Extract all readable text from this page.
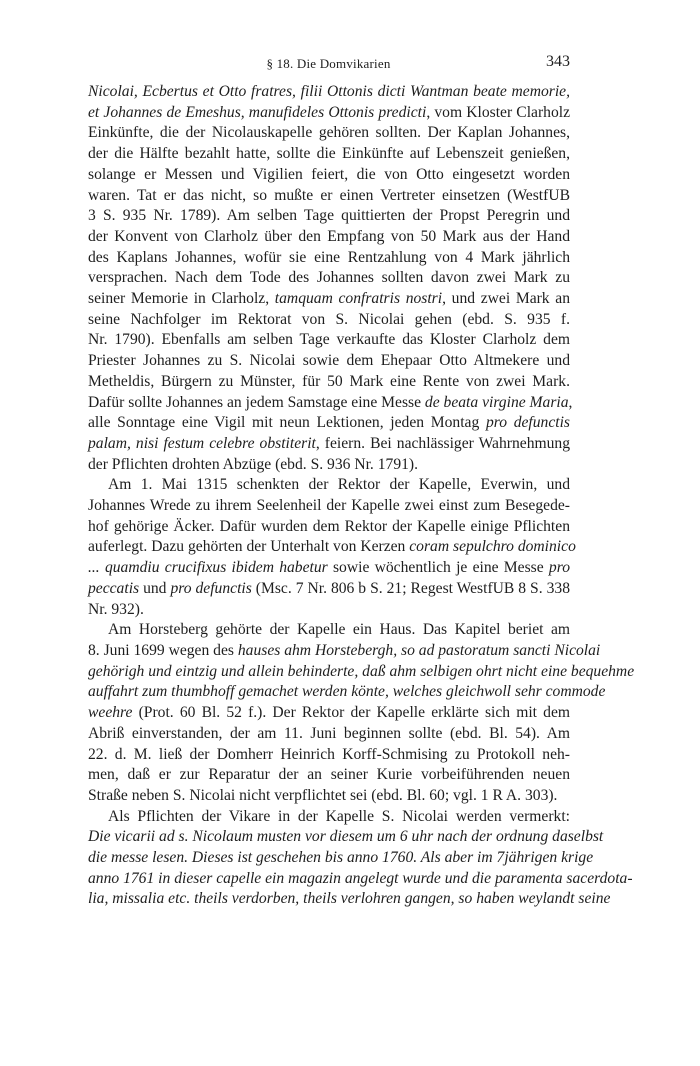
§ 18. Die Domvikarien	343
Nicolai, Ecbertus et Otto fratres, filii Ottonis dicti Wantman beate memorie,
et Johannes de Emeshus, manufideles Ottonis predicti, vom Kloster Clarholz
Einkünfte, die der Nicolauskapelle gehören sollten. Der Kaplan Johannes,
der die Hälfte bezahlt hatte, sollte die Einkünfte auf Lebenszeit genießen,
solange er Messen und Vigilien feiert, die von Otto eingesetzt worden
waren. Tat er das nicht, so mußte er einen Vertreter einsetzen (WestfUB
3 S. 935 Nr. 1789). Am selben Tage quittierten der Propst Peregrin und
der Konvent von Clarholz über den Empfang von 50 Mark aus der Hand
des Kaplans Johannes, wofür sie eine Rentzahlung von 4 Mark jährlich
versprachen. Nach dem Tode des Johannes sollten davon zwei Mark zu
seiner Memorie in Clarholz, tamquam confratris nostri, und zwei Mark an
seine Nachfolger im Rektorat von S. Nicolai gehen (ebd. S. 935 f.
Nr. 1790). Ebenfalls am selben Tage verkaufte das Kloster Clarholz dem
Priester Johannes zu S. Nicolai sowie dem Ehepaar Otto Altmekere und
Metheldis, Bürgern zu Münster, für 50 Mark eine Rente von zwei Mark.
Dafür sollte Johannes an jedem Samstage eine Messe de beata virgine Maria,
alle Sonntage eine Vigil mit neun Lektionen, jeden Montag pro defunctis
palam, nisi festum celebre obstiterit, feiern. Bei nachlässiger Wahrnehmung
der Pflichten drohten Abzüge (ebd. S. 936 Nr. 1791).
Am 1. Mai 1315 schenkten der Rektor der Kapelle, Everwin, und
Johannes Wrede zu ihrem Seelenheil der Kapelle zwei einst zum Besegede-
hof gehörige Äcker. Dafür wurden dem Rektor der Kapelle einige Pflichten
auferlegt. Dazu gehörten der Unterhalt von Kerzen coram sepulchro dominico
... quamdiu crucifixus ibidem habetur sowie wöchentlich je eine Messe pro
peccatis und pro defunctis (Msc. 7 Nr. 806 b S. 21; Regest WestfUB 8 S. 338
Nr. 932).
Am Horsteberg gehörte der Kapelle ein Haus. Das Kapitel beriet am
8. Juni 1699 wegen des hauses ahm Horstebergh, so ad pastoratum sancti Nicolai
gehörigh und eintzig und allein behinderte, daß ahm selbigen ohrt nicht eine bequehme
auffahrt zum thumbhoff gemachet werden könte, welches gleichwoll sehr commode
weehre (Prot. 60 Bl. 52 f.). Der Rektor der Kapelle erklärte sich mit dem
Abriß einverstanden, der am 11. Juni beginnen sollte (ebd. Bl. 54). Am
22. d. M. ließ der Domherr Heinrich Korff-Schmising zu Protokoll neh-
men, daß er zur Reparatur der an seiner Kurie vorbeiführenden neuen
Straße neben S. Nicolai nicht verpflichtet sei (ebd. Bl. 60; vgl. 1 R A. 303).
Als Pflichten der Vikare in der Kapelle S. Nicolai werden vermerkt:
Die vicarii ad s. Nicolaum musten vor diesem um 6 uhr nach der ordnung daselbst
die messe lesen. Dieses ist geschehen bis anno 1760. Als aber im 7jährigen krige
anno 1761 in dieser capelle ein magazin angelegt wurde und die paramenta sacerdota-
lia, missalia etc. theils verdorben, theils verlohren gangen, so haben weylandt seine
